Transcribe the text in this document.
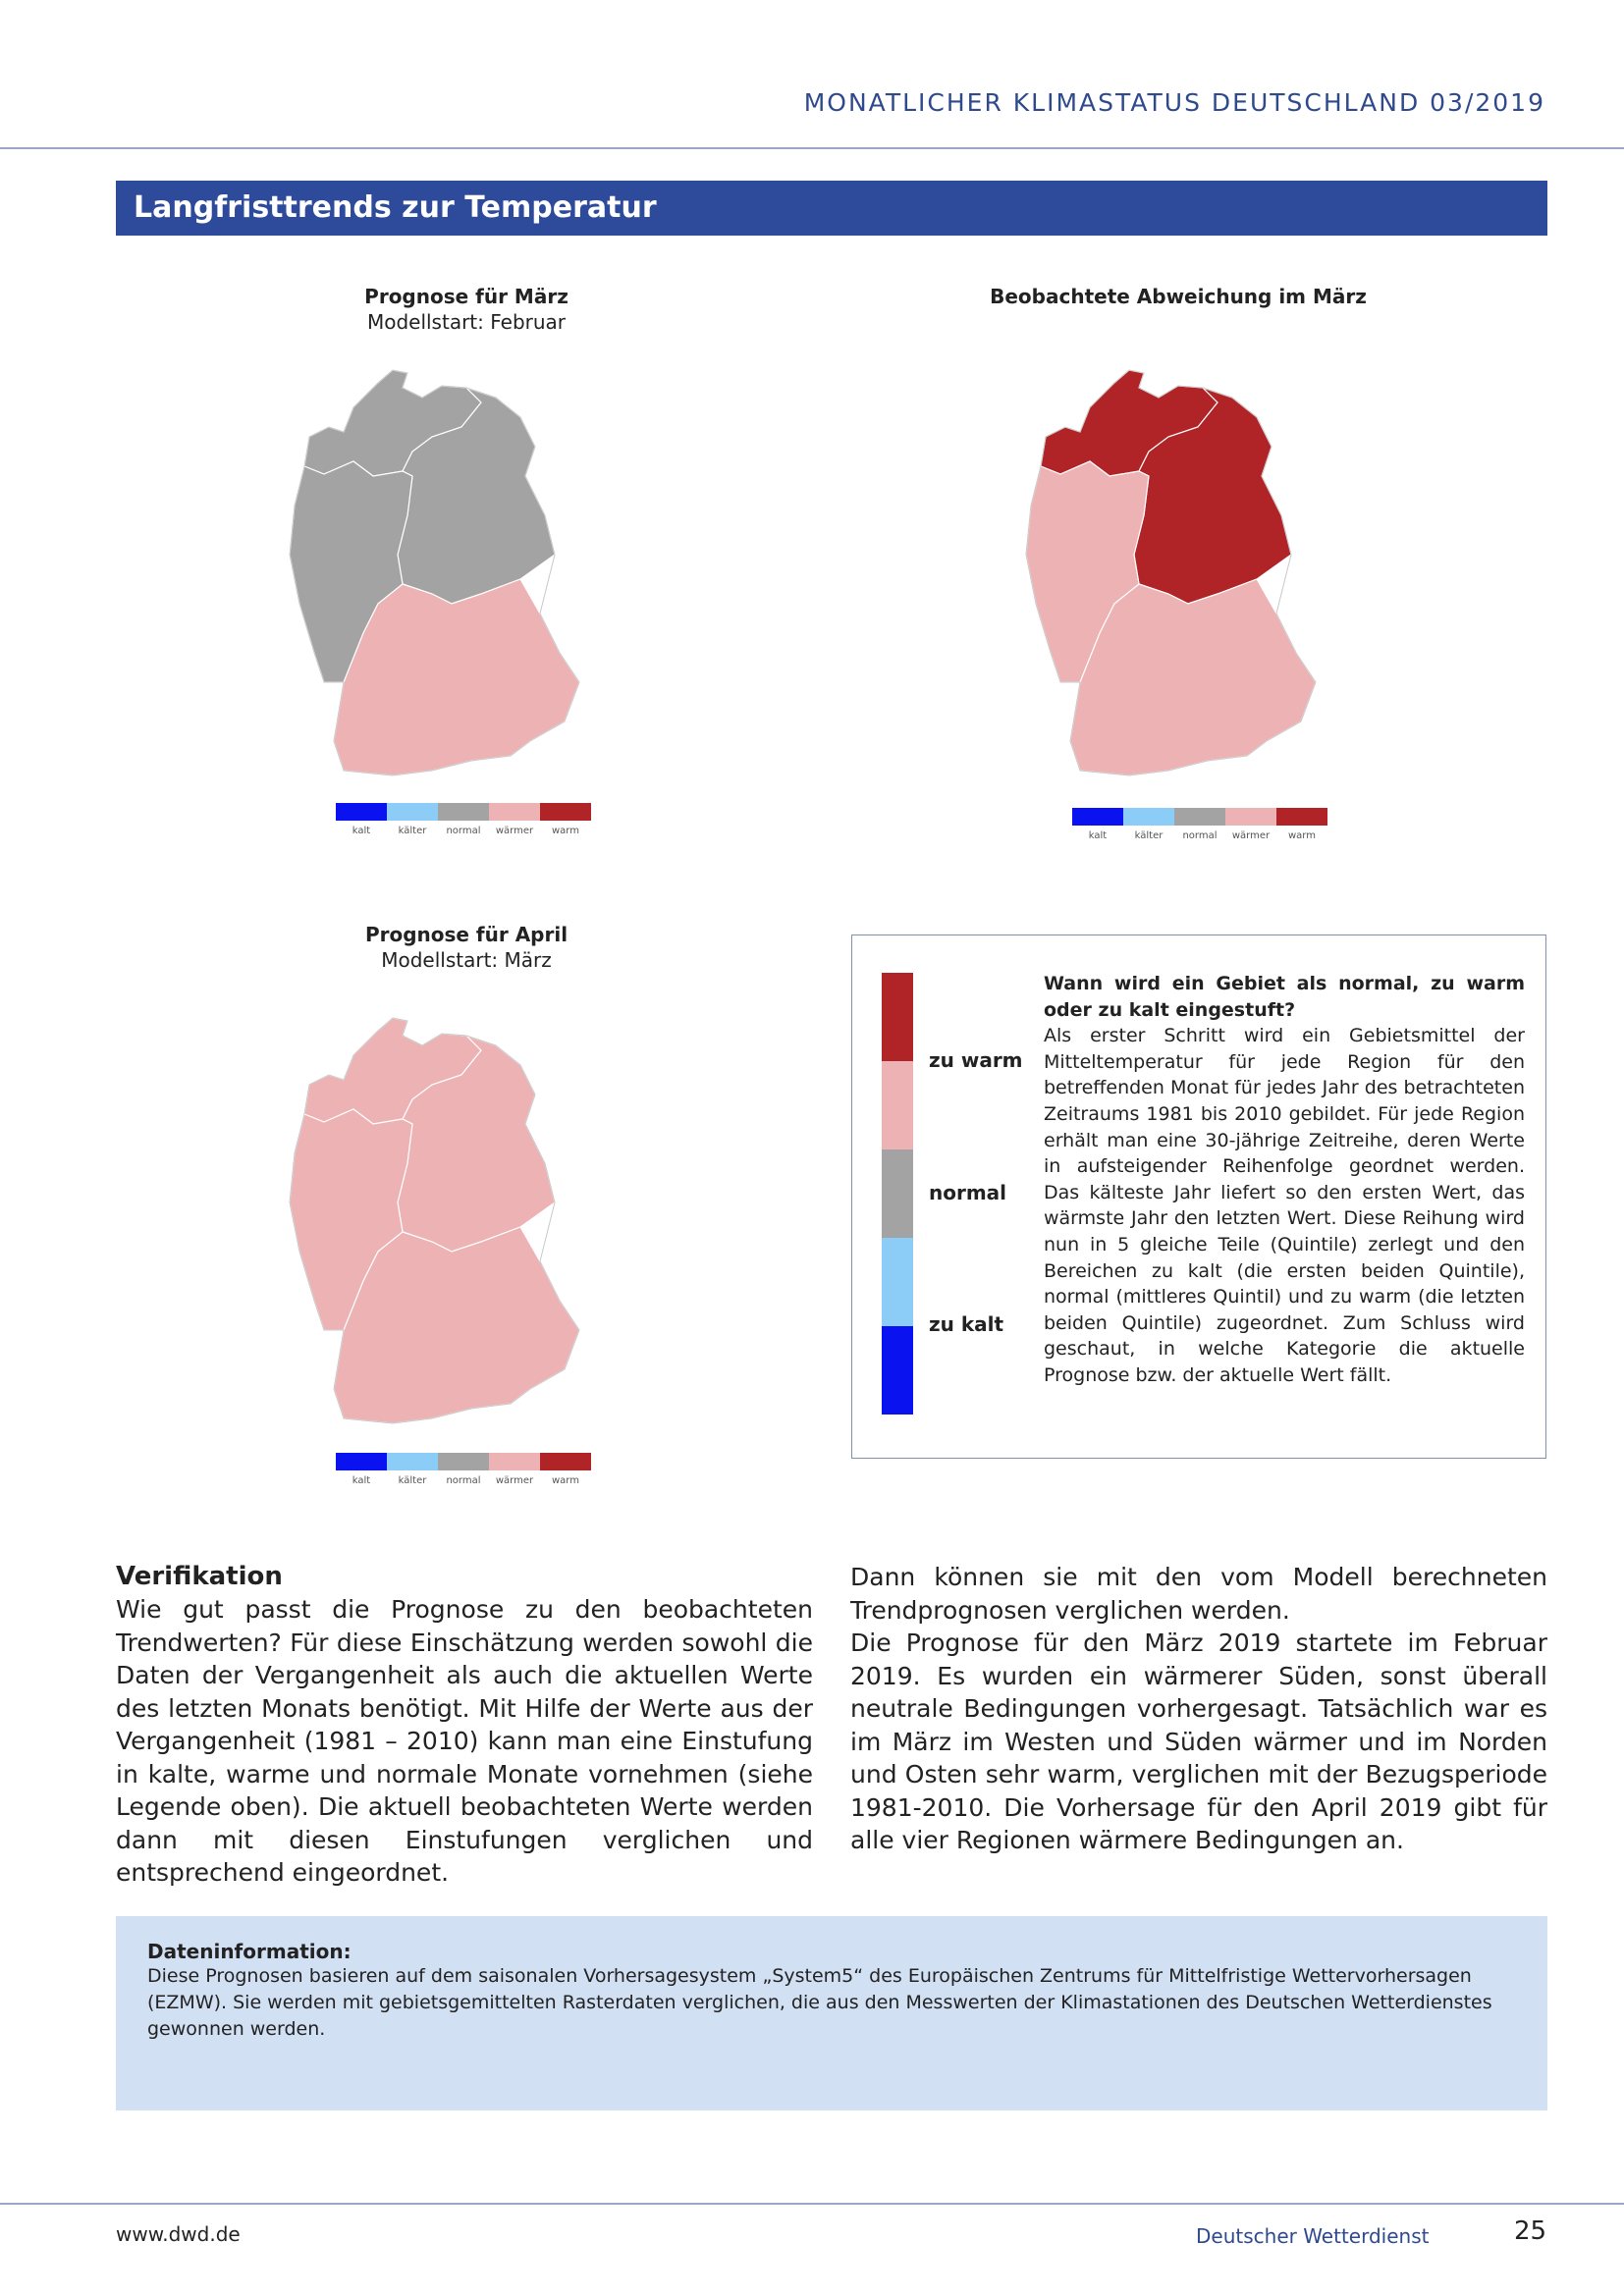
MONATLICHER KLIMASTATUS DEUTSCHLAND 03/2019
Langfristtrends zur Temperatur
Prognose für März
Modellstart: Februar
kalt	kälter	normal	wärmer	warm
Beobachtete Abweichung im März
kalt	kälter	normal	wärmer	warm
Prognose für April
Modellstart: März
kalt	kälter	normal	wärmer	warm
zu warm
normal
zu kalt
Wann wird ein Gebiet als normal, zu warm oder zu kalt eingestuft?
Als erster Schritt wird ein Gebietsmittel der Mitteltemperatur für jede Region für den betreffenden Monat für jedes Jahr des betrachteten Zeitraums 1981 bis 2010 gebildet. Für jede Region erhält man eine 30-jährige Zeitreihe, deren Werte in aufsteigender Reihenfolge geordnet werden. Das kälteste Jahr liefert so den ersten Wert, das wärmste Jahr den letzten Wert. Diese Reihung wird nun in 5 gleiche Teile (Quintile) zerlegt und den Bereichen zu kalt (die ersten beiden Quintile), normal (mittleres Quintil) und zu warm (die letzten beiden Quintile) zugeordnet. Zum Schluss wird geschaut, in welche Kategorie die aktuelle Prognose bzw. der aktuelle Wert fällt.
Verifikation

Wie gut passt die Prognose zu den beobachteten Trendwerten? Für diese Einschätzung werden sowohl die Daten der Vergangenheit als auch die aktuellen Werte des letzten Monats benötigt. Mit Hilfe der Werte aus der Vergangenheit (1981 – 2010) kann man eine Einstufung in kalte, warme und normale Monate vornehmen (siehe Legende oben). Die aktuell beobachteten Werte werden dann mit diesen Einstufungen verglichen und entsprechend eingeordnet.

Dann können sie mit den vom Modell berechneten Trendprognosen verglichen werden.

Die Prognose für den März 2019 startete im Februar 2019. Es wurden ein wärmerer Süden, sonst überall neutrale Bedingungen vorhergesagt. Tatsächlich war es im März im Westen und Süden wärmer und im Norden und Osten sehr warm, verglichen mit der Bezugsperiode 1981-2010. Die Vorhersage für den April 2019 gibt für alle vier Regionen wärmere Bedingungen an.

Dateninformation:
Diese Prognosen basieren auf dem saisonalen Vorhersagesystem „System5“ des Europäischen Zentrums für Mittelfristige Wettervorhersagen (EZMW). Sie werden mit gebietsgemittelten Rasterdaten verglichen, die aus den Messwerten der Klimastationen des Deutschen Wetterdienstes gewonnen werden.
www.dwd.de	Deutscher Wetterdienst	25
